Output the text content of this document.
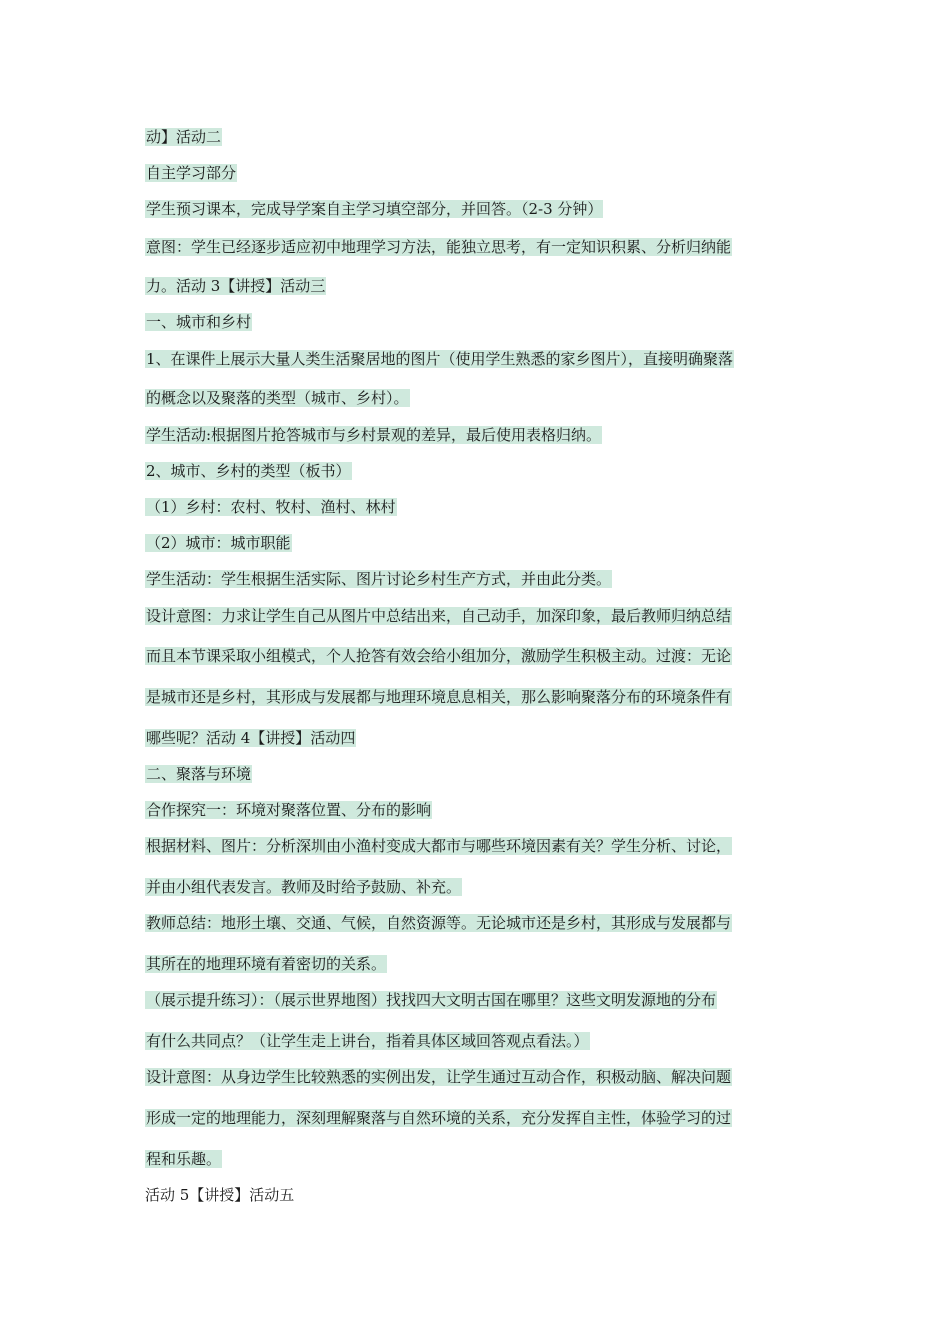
动】活动二
自主学习部分
学生预习课本，完成导学案自主学习填空部分，并回答。（2-3 分钟）
意图：学生已经逐步适应初中地理学习方法，能独立思考，有一定知识积累、分析归纳能
力。活动 3【讲授】活动三
一、城市和乡村
1、在课件上展示大量人类生活聚居地的图片（使用学生熟悉的家乡图片），直接明确聚落
的概念以及聚落的类型（城市、乡村）。
学生活动:根据图片抢答城市与乡村景观的差异，最后使用表格归纳。
2、城市、乡村的类型（板书）
（1）乡村：农村、牧村、渔村、林村
（2）城市：城市职能
学生活动：学生根据生活实际、图片讨论乡村生产方式，并由此分类。
设计意图：力求让学生自己从图片中总结出来，自己动手，加深印象，最后教师归纳总结
而且本节课采取小组模式，个人抢答有效会给小组加分，激励学生积极主动。过渡：无论
是城市还是乡村，其形成与发展都与地理环境息息相关，那么影响聚落分布的环境条件有
哪些呢？活动 4【讲授】活动四
二、聚落与环境
合作探究一：环境对聚落位置、分布的影响
根据材料、图片：分析深圳由小渔村变成大都市与哪些环境因素有关？学生分析、讨论，
并由小组代表发言。教师及时给予鼓励、补充。
教师总结：地形土壤、交通、气候，自然资源等。无论城市还是乡村，其形成与发展都与
其所在的地理环境有着密切的关系。
（展示提升练习）：（展示世界地图）找找四大文明古国在哪里？这些文明发源地的分布
有什么共同点？（让学生走上讲台，指着具体区域回答观点看法。）
设计意图：从身边学生比较熟悉的实例出发，让学生通过互动合作，积极动脑、解决问题
形成一定的地理能力，深刻理解聚落与自然环境的关系，充分发挥自主性，体验学习的过
程和乐趣。
活动 5【讲授】活动五
